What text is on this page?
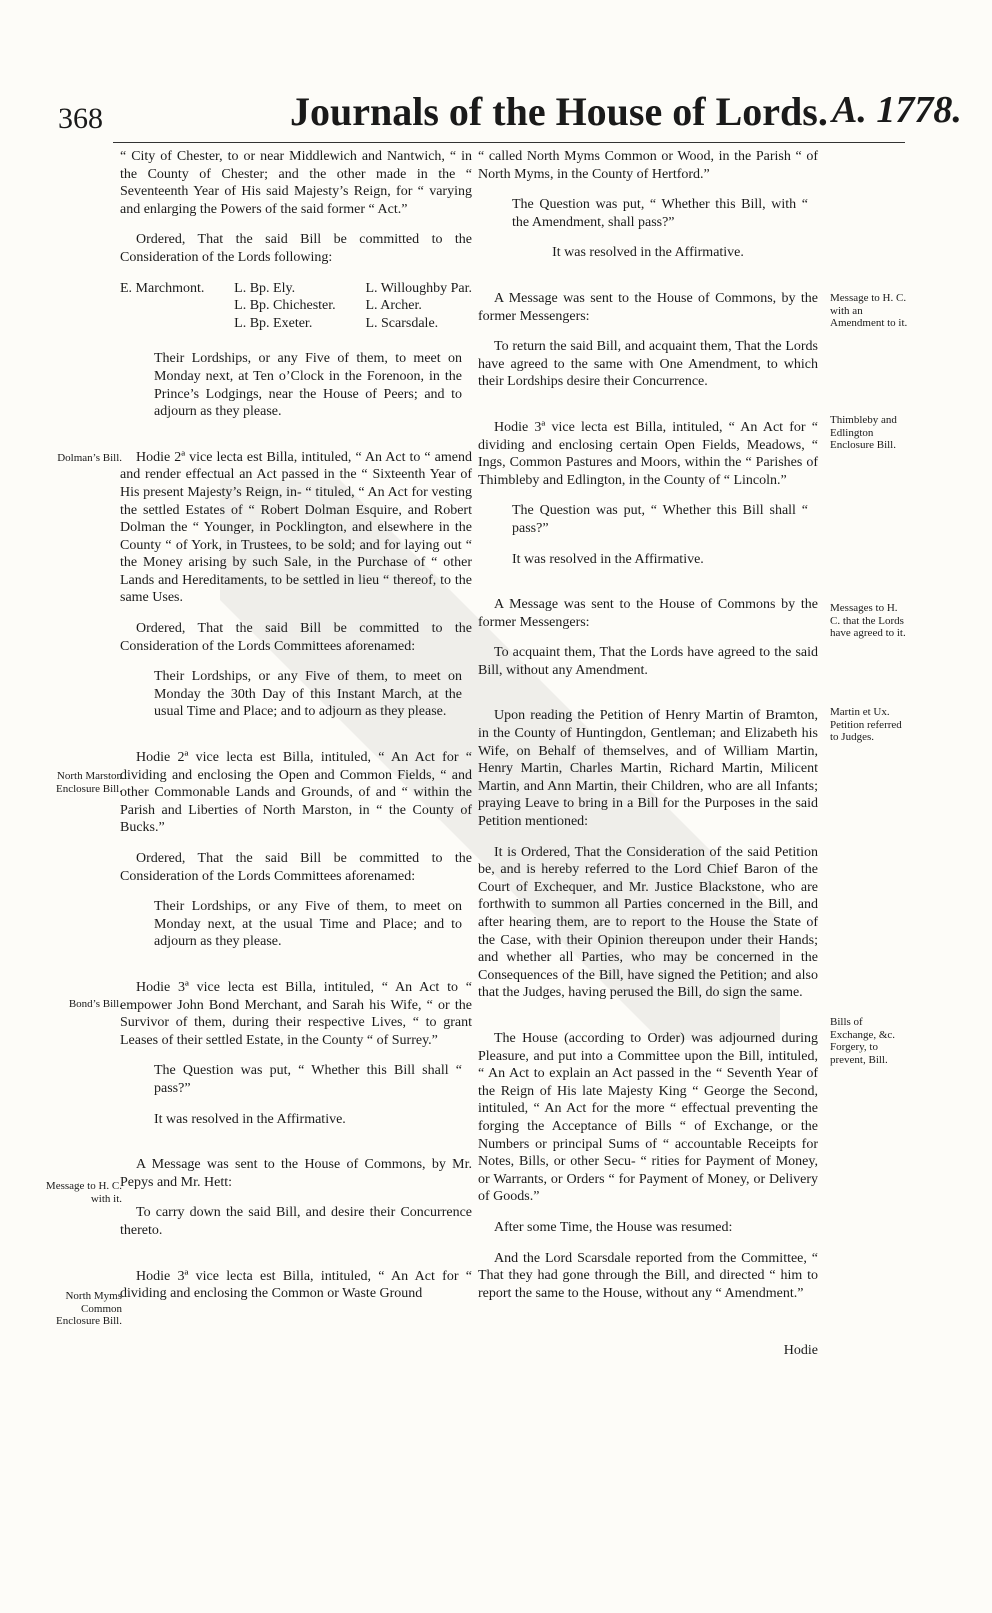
368	Journals of the House of Lords. A. 1778.

“ City of Chester, to or near Middlewich and Nantwich, “ in the County of Chester; and the other made in the “ Seventeenth Year of His said Majesty’s Reign, for “ varying and enlarging the Powers of the said former “ Act.”

Ordered, That the said Bill be committed to the Consideration of the Lords following:

E. Marchmont. L. Bp. Ely.
L. Bp. Chichester.
L. Bp. Exeter.
L. Willoughby Par.
L. Archer.
L. Scarsdale.

Their Lordships, or any Five of them, to meet on Monday next, at Ten o’Clock in the Forenoon, in the Prince’s Lodgings, near the House of Peers; and to adjourn as they please.

Hodie 2ª vice lecta est Billa, intituled, “ An Act to “ amend and render effectual an Act passed in the “ Sixteenth Year of His present Majesty’s Reign, in- “ tituled, “ An Act for vesting the settled Estates of “ Robert Dolman Esquire, and Robert Dolman the “ Younger, in Pocklington, and elsewhere in the County “ of York, in Trustees, to be sold; and for laying out “ the Money arising by such Sale, in the Purchase of “ other Lands and Hereditaments, to be settled in lieu “ thereof, to the same Uses.

Ordered, That the said Bill be committed to the Consideration of the Lords Committees aforenamed:

Their Lordships, or any Five of them, to meet on Monday the 30th Day of this Instant March, at the usual Time and Place; and to adjourn as they please.

Hodie 2ª vice lecta est Billa, intituled, “ An Act for “ dividing and enclosing the Open and Common Fields, “ and other Commonable Lands and Grounds, of and “ within the Parish and Liberties of North Marston, in “ the County of Bucks.”

Ordered, That the said Bill be committed to the Consideration of the Lords Committees aforenamed:

Their Lordships, or any Five of them, to meet on Monday next, at the usual Time and Place; and to adjourn as they please.

Hodie 3ª vice lecta est Billa, intituled, “ An Act to “ empower John Bond Merchant, and Sarah his Wife, “ or the Survivor of them, during their respective Lives, “ to grant Leases of their settled Estate, in the County “ of Surrey.”

The Question was put, “ Whether this Bill shall “ pass?”

It was resolved in the Affirmative.

A Message was sent to the House of Commons, by Mr. Pepys and Mr. Hett:

To carry down the said Bill, and desire their Concurrence thereto.

Hodie 3ª vice lecta est Billa, intituled, “ An Act for “ dividing and enclosing the Common or Waste Ground

“ called North Myms Common or Wood, in the Parish “ of North Myms, in the County of Hertford.”

The Question was put, “ Whether this Bill, with “ the Amendment, shall pass?”

It was resolved in the Affirmative.

A Message was sent to the House of Commons, by the former Messengers:

To return the said Bill, and acquaint them, That the Lords have agreed to the same with One Amendment, to which their Lordships desire their Concurrence.

Hodie 3ª vice lecta est Billa, intituled, “ An Act for “ dividing and enclosing certain Open Fields, Meadows, “ Ings, Common Pastures and Moors, within the “ Parishes of Thimbleby and Edlington, in the County of “ Lincoln.”

The Question was put, “ Whether this Bill shall “ pass?”

It was resolved in the Affirmative.

A Message was sent to the House of Commons by the former Messengers:

To acquaint them, That the Lords have agreed to the said Bill, without any Amendment.

Upon reading the Petition of Henry Martin of Bramton, in the County of Huntingdon, Gentleman; and Elizabeth his Wife, on Behalf of themselves, and of William Martin, Henry Martin, Charles Martin, Richard Martin, Milicent Martin, and Ann Martin, their Children, who are all Infants; praying Leave to bring in a Bill for the Purposes in the said Petition mentioned:

It is Ordered, That the Consideration of the said Petition be, and is hereby referred to the Lord Chief Baron of the Court of Exchequer, and Mr. Justice Blackstone, who are forthwith to summon all Parties concerned in the Bill, and after hearing them, are to report to the House the State of the Case, with their Opinion thereupon under their Hands; and whether all Parties, who may be concerned in the Consequences of the Bill, have signed the Petition; and also that the Judges, having perused the Bill, do sign the same.

The House (according to Order) was adjourned during Pleasure, and put into a Committee upon the Bill, intituled, “ An Act to explain an Act passed in the “ Seventh Year of the Reign of His late Majesty King “ George the Second, intituled, “ An Act for the more “ effectual preventing the forging the Acceptance of Bills “ of Exchange, or the Numbers or principal Sums of “ accountable Receipts for Notes, Bills, or other Secu- “ rities for Payment of Money, or Warrants, or Orders “ for Payment of Money, or Delivery of Goods.”

After some Time, the House was resumed:

And the Lord Scarsdale reported from the Committee, “ That they had gone through the Bill, and directed “ him to report the same to the House, without any “ Amendment.”

Hodie

Dolman’s Bill.
North Marston Enclosure Bill.
Bond’s Bill.
Message to H. C. with it.
North Myms Common Enclosure Bill.
Message to H. C. with an Amendment to it.
Thimbleby and Edlington Enclosure Bill.
Messages to H. C. that the Lords have agreed to it.
Martin et Ux. Petition referred to Judges.
Bills of Exchange, &c. Forgery, to prevent, Bill.
